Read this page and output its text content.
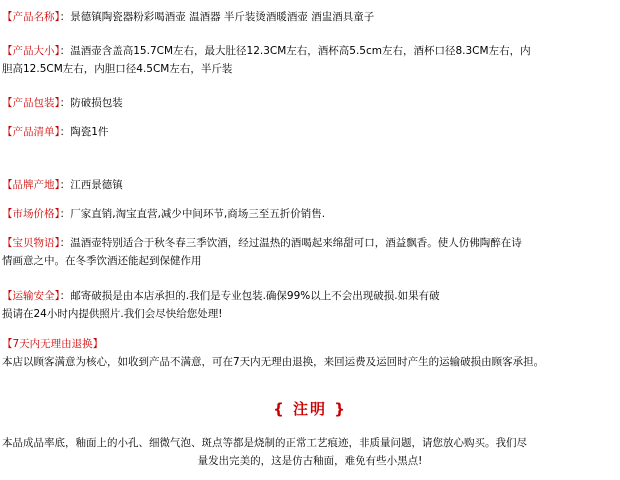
【产品名称】：景德镇陶瓷器粉彩喝酒壶 温酒器 半斤装烫酒暖酒壶 酒盅酒具童子
【产品大小】：温酒壶含盖高15.7CM左右，最大肚径12.3CM左右，酒杯高5.5cm左右，酒杯口径8.3CM左右，内
胆高12.5CM左右，内胆口径4.5CM左右，半斤装
【产品包装】：防破损包装
【产品清单】：陶瓷1件
【品牌产地】：江西景德镇
【市场价格】：厂家直销,淘宝直营,减少中间环节,商场三至五折价销售.
【宝贝物语】：温酒壶特别适合于秋冬春三季饮酒，经过温热的酒喝起来绵甜可口，酒益飘香。使人仿佛陶醉在诗
情画意之中。在冬季饮酒还能起到保健作用
【运输安全】：邮寄破损是由本店承担的.我们是专业包装.确保99%以上不会出现破损.如果有破
损请在24小时内提供照片.我们会尽快给您处理!
【7天内无理由退换】
本店以顾客满意为核心，如收到产品不满意，可在7天内无理由退换，来回运费及运回时产生的运输破损由顾客承担。
{ 注明 }
本品成品率底，釉面上的小孔、细微气泡、斑点等都是烧制的正常工艺痕迹，非质量问题，请您放心购买。我们尽
量发出完美的，这是仿古釉面，难免有些小黑点!
